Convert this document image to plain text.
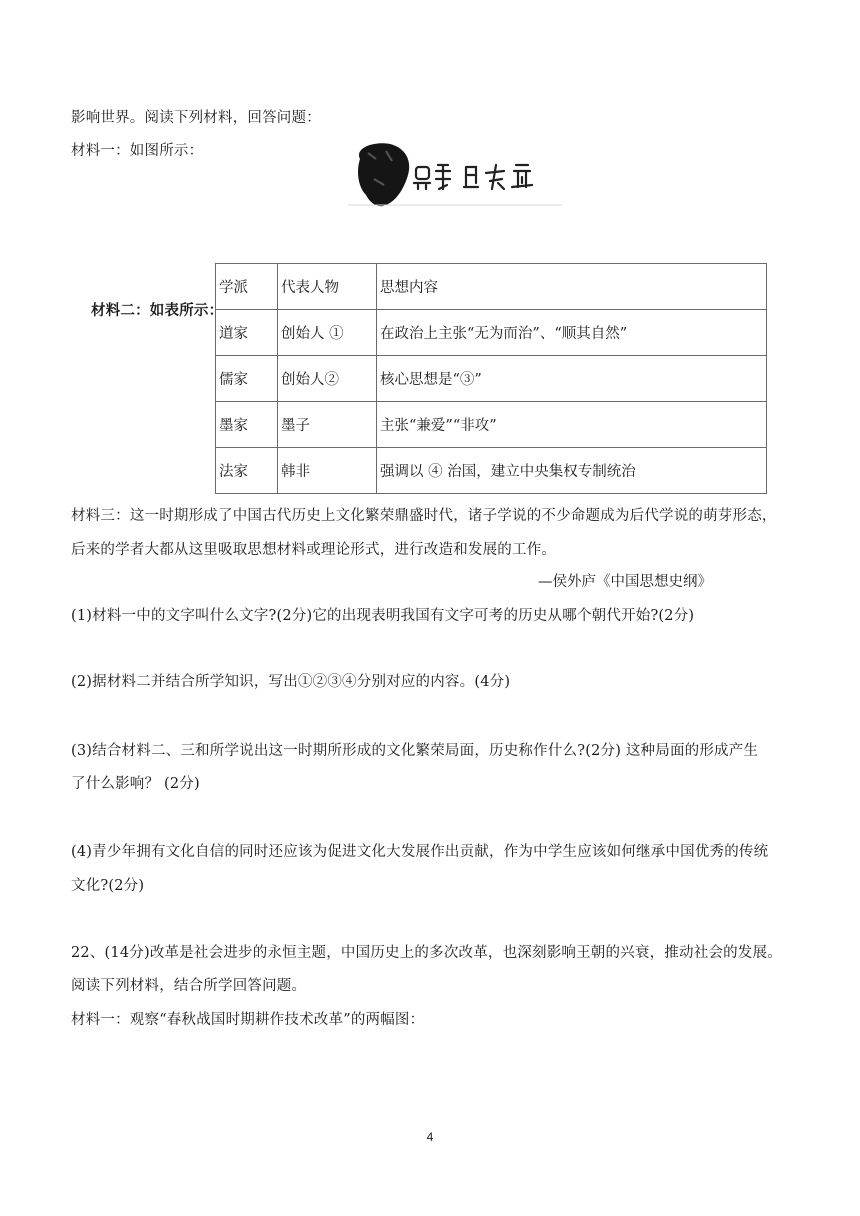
影响世界。阅读下列材料，回答问题：
材料一：如图所示：
材料二：如表所示：
学派	代表人物	思想内容
道家	创始人 ①	在政治上主张“无为而治”、“顺其自然”
儒家	创始人②	核心思想是“③”
墨家	墨子	主张“兼爱”“非攻”
法家	韩非	强调以 ④ 治国，建立中央集权专制统治
材料三：这一时期形成了中国古代历史上文化繁荣鼎盛时代，诸子学说的不少命题成为后代学说的萌芽形态，
后来的学者大都从这里吸取思想材料或理论形式，进行改造和发展的工作。
—侯外庐《中国思想史纲》
(1)材料一中的文字叫什么文字?(2分)它的出现表明我国有文字可考的历史从哪个朝代开始?(2分)
(2)据材料二并结合所学知识，写出①②③④分别对应的内容。(4分)
(3)结合材料二、三和所学说出这一时期所形成的文化繁荣局面，历史称作什么?(2分) 这种局面的形成产生
了什么影响？ (2分)
(4)青少年拥有文化自信的同时还应该为促进文化大发展作出贡献，作为中学生应该如何继承中国优秀的传统
文化?(2分)
22、(14分)改革是社会进步的永恒主题，中国历史上的多次改革，也深刻影响王朝的兴衰，推动社会的发展。
阅读下列材料，结合所学回答问题。
材料一：观察“春秋战国时期耕作技术改革”的两幅图：
4
